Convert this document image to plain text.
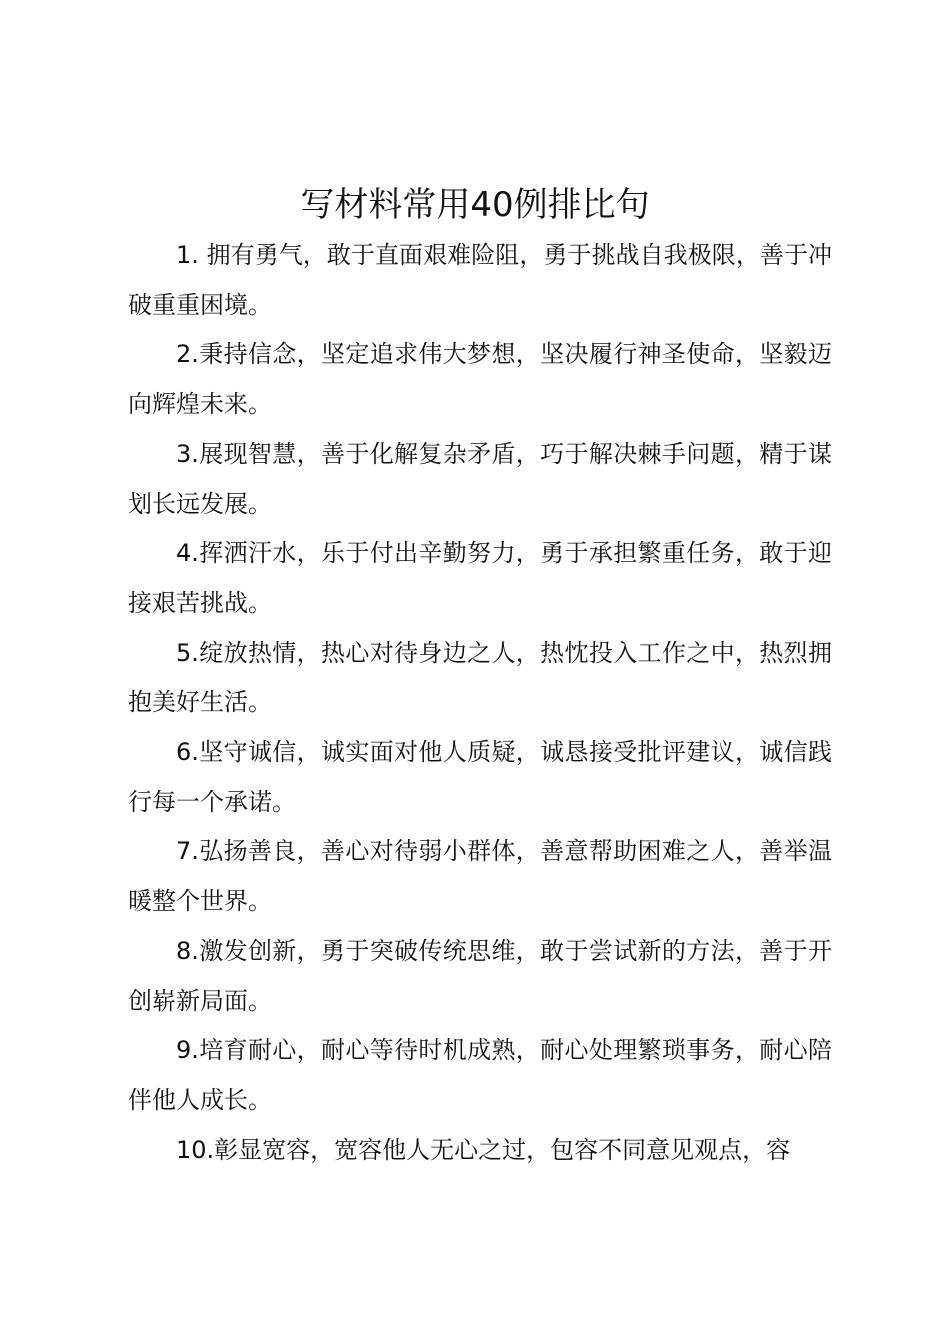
写材料常用40例排比句

1. 拥有勇气，敢于直面艰难险阻，勇于挑战自我极限，善于冲破重重困境。

2.秉持信念，坚定追求伟大梦想，坚决履行神圣使命，坚毅迈向辉煌未来。

3.展现智慧，善于化解复杂矛盾，巧于解决棘手问题，精于谋划长远发展。

4.挥洒汗水，乐于付出辛勤努力，勇于承担繁重任务，敢于迎接艰苦挑战。

5.绽放热情，热心对待身边之人，热忱投入工作之中，热烈拥抱美好生活。

6.坚守诚信，诚实面对他人质疑，诚恳接受批评建议，诚信践行每一个承诺。

7.弘扬善良，善心对待弱小群体，善意帮助困难之人，善举温暖整个世界。

8.激发创新，勇于突破传统思维，敢于尝试新的方法，善于开创崭新局面。

9.培育耐心，耐心等待时机成熟，耐心处理繁琐事务，耐心陪伴他人成长。

10.彰显宽容，宽容他人无心之过，包容不同意见观点，容
